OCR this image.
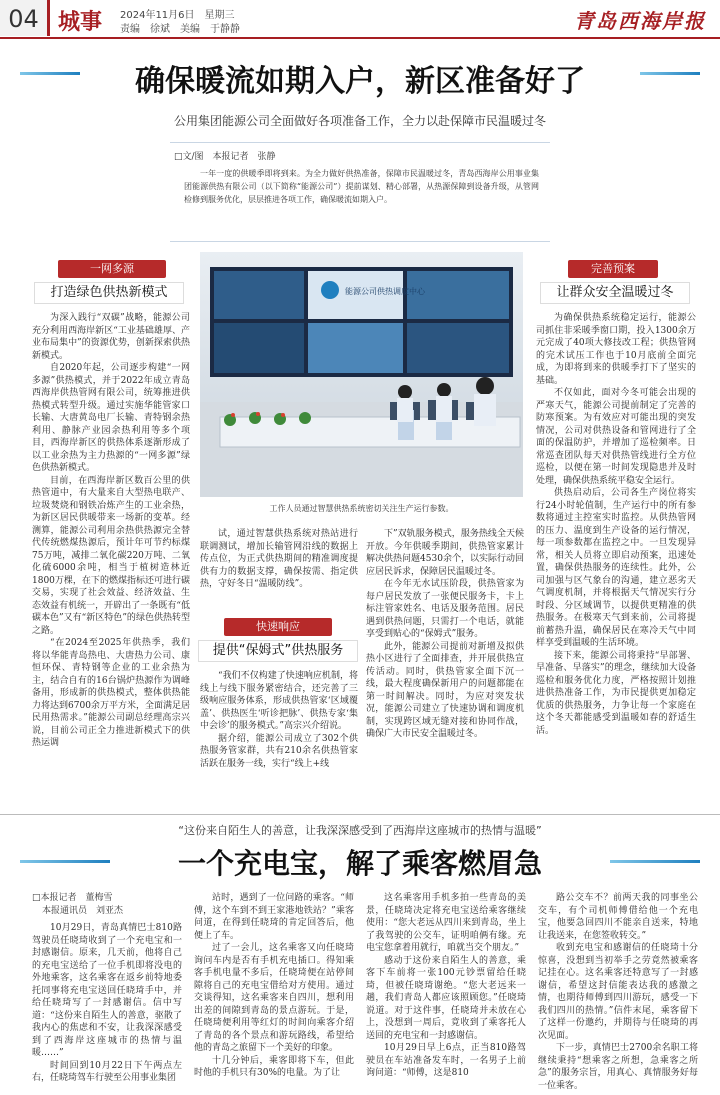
04 城事 2024年11月6日　 星期三
责编　徐斌　美编　于静静	青岛西海岸报
确保暖流如期入户，新区准备好了
公用集团能源公司全面做好各项准备工作，全力以赴保障市民温暖过冬
□文/图　本报记者　张静
一年一度的供暖季即将到来。为全力做好供热准备，保障市民温暖过冬，青岛西海岸公用事业集团能源供热有限公司（以下简称“能源公司”）提前谋划、精心部署，从热源保障到设备升级，从管网检修到服务优化，层层推进各项工作，确保暖流如期入户。
一网多源
打造绿色供热新模式
完善预案
让群众安全温暖过冬
能源公司供热调度中心
工作人员通过智慧供热系统密切关注生产运行参数。

为深入践行“双碳”战略，能源公司充分利用西海岸新区“工业基础雄厚、产业布局集中”的资源优势，创新探索供热新模式。

自2020年起，公司逐步构建“一网多源”供热模式，并于2022年成立青岛西海岸供热管网有限公司，统筹推进供热模式转型升级。通过实施华能管家口长输、大唐黄岛电厂长输、青特钢余热利用、静脉产业园余热利用等多个项目，西海岸新区的供热体系逐渐形成了以工业余热为主力热源的“一网多源”绿色供热新模式。

目前，在西海岸新区数百公里的供热管道中，有大量来自大型热电联产、垃圾焚烧和钢铁冶炼产生的工业余热，为新区居民供暖带来一场新的变革。经测算，能源公司利用余热供热源完全替代传统燃煤热源后，预计年可节约标煤75万吨，减排二氧化碳220万吨、二氧化硫6000余吨，相当于植树造林近1800万棵，在下的燃煤指标还可进行碳交易，实现了社会效益、经济效益、生态效益有机统一，开辟出了一条既有“低碳本色”又有“新区特色”的绿色供热转型之路。

“在2024至2025年供热季，我们将以华能青岛热电、大唐热力公司、康恒环保、青特钢等企业的工业余热为主，结合自有的16台锅炉热源作为调峰备用，形成新的供热模式，整体供热能力将达到6700余万平方米，全面满足居民用热需求。”能源公司副总经理高宗兴说，目前公司正全力推进新模式下的供热运调

试，通过智慧供热系统对热站进行联调测试，增加长输管网沿线的数据上传点位，为正式供热期间的精准调度提供有力的数据支撑，确保按需、指定供热，守好冬日“温暖防线”。

快速响应
提供“保姆式”供热服务

“我们不仅构建了快速响应机制，将线上与线下服务紧密结合，还完善了三级响应服务体系，形成供热管家‘区域覆盖’、供热医生‘听诊把脉’、供热专家‘集中会诊’的服务模式。”高宗兴介绍说。

据介绍，能源公司成立了302个供热服务管家群，共有210余名供热管家活跃在服务一线，实行“线上+线

下”双轨服务模式，服务热线全天候开放。今年供暖季期间，供热管家累计解决供热问题4530余个，以实际行动回应居民诉求，保障居民温暖过冬。

在今年无水试压阶段，供热管家为每户居民发放了一张便民服务卡，卡上标注管家姓名、电话及服务范围。居民遇到供热问题，只需打一个电话，就能享受到贴心的“保姆式”服务。

此外，能源公司提前对新增及拟供热小区进行了全面排查，并开展供热宣传活动。同时，供热管家全面下沉一线，最大程度确保新用户的问题都能在第一时间解决。同时，为应对突发状况，能源公司建立了快速协调和调度机制，实现跨区域无缝对接和协同作战，确保广大市民安全温暖过冬。

为确保供热系统稳定运行，能源公司抓住非采暖季窗口期，投入1300余万元完成了40项大修技改工程；供热管网的完术试压工作也于10月底前全面完成，为即将到来的供暖季打下了坚实的基础。

不仅如此，面对今冬可能会出现的严寒天气，能源公司提前制定了完善的防寒预案。为有效应对可能出现的突发情况，公司对供热设备和管网进行了全面的保温防护，并增加了巡检频率。日常巡查团队每天对供热管线进行全方位巡检，以便在第一时间发现隐患并及时处理，确保供热系统平稳安全运行。

供热启动后，公司各生产岗位将实行24小时轮值制，生产运行中的所有参数将通过主控室实时监控。从供热管网的压力、温度到生产设备的运行情况，每一项参数都在监控之中。一旦发现异常，相关人员将立即启动预案，迅速处置，确保供热服务的连续性。此外，公司加强与区气象台的沟通，建立恶劣天气调度机制，并将根据天气情况实行分时段、分区域调节，以提供更精准的供热服务。在极寒天气到来前，公司将提前蓄热升温，确保居民在寒冷天气中同样享受到温暖的生活环境。

接下来，能源公司将秉持“早部署、早准备、早落实”的理念，继续加大设备巡检和服务优化力度，严格按照计划推进供热准备工作，为市民提供更加稳定优质的供热服务，力争让每一个家庭在这个冬天都能感受到温暖如春的舒适生活。

“这份来自陌生人的善意，让我深深感受到了西海岸这座城市的热情与温暖”
一个充电宝，解了乘客燃眉急
□本报记者　董梅雪
本报通讯员　刘亚杰

10月29日，青岛真情巴士810路驾驶员任晓琦收到了一个充电宝和一封感谢信。原来，几天前，他将自己的充电宝送给了一位手机即将没电的外地乘客，这名乘客在返乡前特地委托同事将充电宝送回任晓琦手中，并给任晓琦写了一封感谢信。信中写道：“这份来自陌生人的善意，驱散了我内心的焦虑和不安，让我深深感受到了西海岸这座城市的热情与温暖……”

时间回到10月22日下午两点左右，任晓琦驾车行驶至公用事业集团

站时，遇到了一位问路的乘客。“师傅，这个车到不到王家港地铁站？”乘客问道，在得到任晓琦的肯定回答后，他便上了车。

过了一会儿，这名乘客又向任晓琦询问车内是否有手机充电插口。得知乘客手机电量不多后，任晓琦便在站停间隙将自己的充电宝借给对方使用。通过交谈得知，这名乘客来自四川，想利用出差的间隙到青岛的景点游玩。于是，任晓琦便利用等红灯的时间向乘客介绍了青岛的各个景点和游玩路线，希望给他的青岛之旅留下一个美好的印象。

十几分钟后，乘客即将下车，但此时他的手机只有30%的电量。为了让

这名乘客用手机多拍一些青岛的美景，任晓琦决定将充电宝送给乘客继续使用：“您大老远从四川来到青岛，坐上了我驾驶的公交车，证明咱俩有缘。充电宝您拿着用就行，咱就当交个朋友。”

感动于这份来自陌生人的善意，乘客下车前将一张100元钞票留给任晓琦，但被任晓琦谢绝。“您大老远来一趟，我们青岛人都应该照顾您。”任晓琦说道。对于这件事，任晓琦并未放在心上，没想到一周后，竟收到了乘客托人送回的充电宝和一封感谢信。

10月29日早上6点，正当810路驾驶员在车站准备发车时，一名男子上前询问道：“师傅，这是810

路公交车不？前两天我的同事坐公交车，有个司机师傅借给他一个充电宝，他要急回四川不能亲自送来，特地让我送来，在您签收转交。”

收到充电宝和感谢信的任晓琦十分惊喜，没想到当初举手之劳竟然被乘客记挂在心。这名乘客还特意写了一封感谢信，希望这封信能表达我的感激之情，也期待师傅到四川游玩，感受一下我们四川的热情。”信件末尾，乘客留下了这样一份邀约，并期待与任晓琦的再次见面。

下一步，真情巴士2700余名职工将继续秉持“想乘客之所想，急乘客之所急”的服务宗旨，用真心、真情服务好每一位乘客。
